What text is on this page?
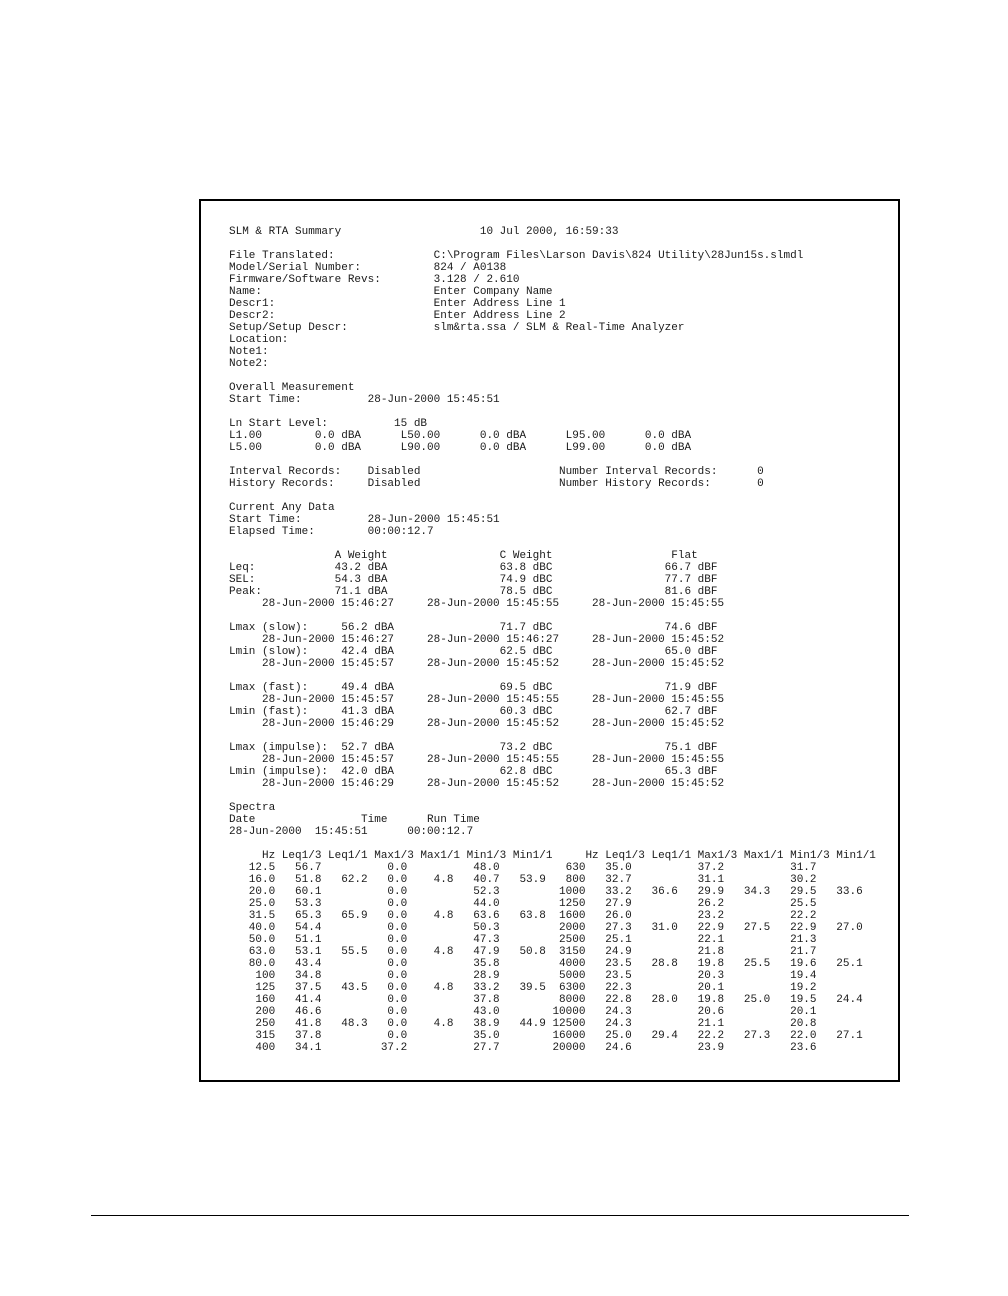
SLM & RTA Summary                     10 Jul 2000, 16:59:33
File Translated:               C:\Program Files\Larson Davis\824 Utility\28Jun15s.slmdl
Model/Serial Number:           824 / A0138
Firmware/Software Revs:        3.128 / 2.610
Name:                          Enter Company Name
Descr1:                        Enter Address Line 1
Descr2:                        Enter Address Line 2
Setup/Setup Descr:             slm&rta.ssa / SLM & Real-Time Analyzer
Location:
Note1:
Note2:
Overall Measurement
Start Time:          28-Jun-2000 15:45:51
Ln Start Level:          15 dB
L1.00        0.0 dBA      L50.00      0.0 dBA      L95.00      0.0 dBA
L5.00        0.0 dBA      L90.00      0.0 dBA      L99.00      0.0 dBA
Interval Records:    Disabled                     Number Interval Records:      0
History Records:     Disabled                     Number History Records:       0
Current Any Data
Start Time:          28-Jun-2000 15:45:51
Elapsed Time:        00:00:12.7
A Weight                 C Weight                  Flat
Leq:            43.2 dBA                 63.8 dBC                 66.7 dBF
SEL:            54.3 dBA                 74.9 dBC                 77.7 dBF
Peak:           71.1 dBA                 78.5 dBC                 81.6 dBF
28-Jun-2000 15:46:27     28-Jun-2000 15:45:55     28-Jun-2000 15:45:55
Lmax (slow):     56.2 dBA                71.7 dBC                 74.6 dBF
28-Jun-2000 15:46:27     28-Jun-2000 15:46:27     28-Jun-2000 15:45:52
Lmin (slow):     42.4 dBA                62.5 dBC                 65.0 dBF
28-Jun-2000 15:45:57     28-Jun-2000 15:45:52     28-Jun-2000 15:45:52
Lmax (fast):     49.4 dBA                69.5 dBC                 71.9 dBF
28-Jun-2000 15:45:57     28-Jun-2000 15:45:55     28-Jun-2000 15:45:55
Lmin (fast):     41.3 dBA                60.3 dBC                 62.7 dBF
28-Jun-2000 15:46:29     28-Jun-2000 15:45:52     28-Jun-2000 15:45:52
Lmax (impulse):  52.7 dBA                73.2 dBC                 75.1 dBF
28-Jun-2000 15:45:57     28-Jun-2000 15:45:55     28-Jun-2000 15:45:55
Lmin (impulse):  42.0 dBA                62.8 dBC                 65.3 dBF
28-Jun-2000 15:46:29     28-Jun-2000 15:45:52     28-Jun-2000 15:45:52
Spectra
Date                Time      Run Time
28-Jun-2000  15:45:51      00:00:12.7
Hz Leq1/3 Leq1/1 Max1/3 Max1/1 Min1/3 Min1/1     Hz Leq1/3 Leq1/1 Max1/3 Max1/1 Min1/3 Min1/1
12.5   56.7          0.0          48.0          630   35.0          37.2          31.7
16.0   51.8   62.2   0.0    4.8   40.7   53.9   800   32.7          31.1          30.2
20.0   60.1          0.0          52.3         1000   33.2   36.6   29.9   34.3   29.5   33.6
25.0   53.3          0.0          44.0         1250   27.9          26.2          25.5
31.5   65.3   65.9   0.0    4.8   63.6   63.8  1600   26.0          23.2          22.2
40.0   54.4          0.0          50.3         2000   27.3   31.0   22.9   27.5   22.9   27.0
50.0   51.1          0.0          47.3         2500   25.1          22.1          21.3
63.0   53.1   55.5   0.0    4.8   47.9   50.8  3150   24.9          21.8          21.7
80.0   43.4          0.0          35.8         4000   23.5   28.8   19.8   25.5   19.6   25.1
100   34.8          0.0          28.9         5000   23.5          20.3          19.4
125   37.5   43.5   0.0    4.8   33.2   39.5  6300   22.3          20.1          19.2
160   41.4          0.0          37.8         8000   22.8   28.0   19.8   25.0   19.5   24.4
200   46.6          0.0          43.0        10000   24.3          20.6          20.1
250   41.8   48.3   0.0    4.8   38.9   44.9 12500   24.3          21.1          20.8
315   37.8          0.0          35.0        16000   25.0   29.4   22.2   27.3   22.0   27.1
400   34.1         37.2          27.7        20000   24.6          23.9          23.6
